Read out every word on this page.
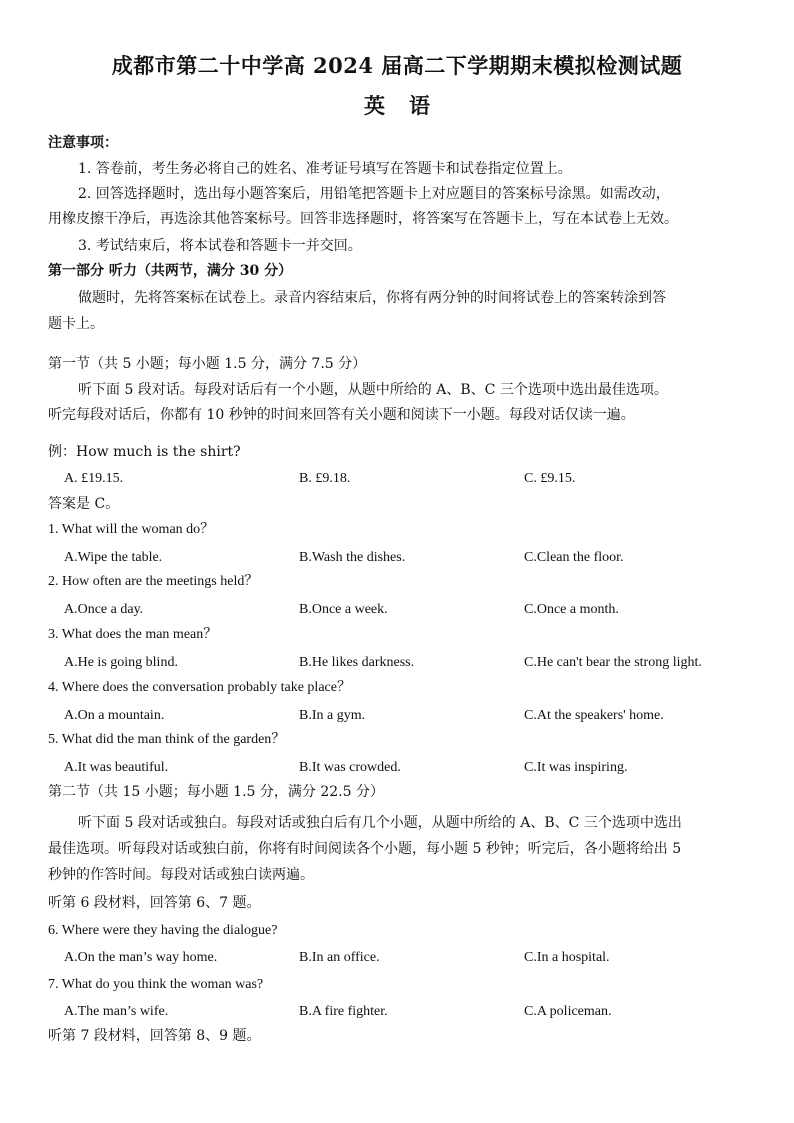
成都市第二十中学高 2024 届高二下学期期末模拟检测试题
英语
注意事项：
1. 答卷前，考生务必将自己的姓名、准考证号填写在答题卡和试卷指定位置上。
2. 回答选择题时，选出每小题答案后，用铅笔把答题卡上对应题目的答案标号涂黑。如需改动，
用橡皮擦干净后，再选涂其他答案标号。回答非选择题时，将答案写在答题卡上，写在本试卷上无效。
3. 考试结束后，将本试卷和答题卡一并交回。
第一部分 听力（共两节，满分 30 分）
做题时，先将答案标在试卷上。录音内容结束后，你将有两分钟的时间将试卷上的答案转涂到答
题卡上。
第一节（共 5 小题；每小题 1.5 分，满分 7.5 分）
听下面 5 段对话。每段对话后有一个小题，从题中所给的 A、B、C 三个选项中选出最佳选项。
听完每段对话后，你都有 10 秒钟的时间来回答有关小题和阅读下一小题。每段对话仅读一遍。
例：How much is the shirt?
A. £19.15.	B. £9.18.	C. £9.15.
答案是 C。
1. What will the woman do？
A.Wipe the table.	B.Wash the dishes.	C.Clean the floor.
2. How often are the meetings held？
A.Once a day.	B.Once a week.	C.Once a month.
3. What does the man mean？
A.He is going blind.	B.He likes darkness.	C.He can't bear the strong light.
4. Where does the conversation probably take place？
A.On a mountain.	B.In a gym.	C.At the speakers' home.
5. What did the man think of the garden？
A.It was beautiful.	B.It was crowded.	C.It was inspiring.
第二节（共 15 小题；每小题 1.5 分，满分 22.5 分）
听下面 5 段对话或独白。每段对话或独白后有几个小题，从题中所给的 A、B、C 三个选项中选出
最佳选项。听每段对话或独白前，你将有时间阅读各个小题，每小题 5 秒钟；听完后，各小题将给出 5
秒钟的作答时间。每段对话或独白读两遍。
听第 6 段材料，回答第 6、7 题。
6. Where were they having the dialogue?
A.On the man’s way home.	B.In an office.	C.In a hospital.
7. What do you think the woman was?
A.The man’s wife.	B.A fire fighter.	C.A policeman.
听第 7 段材料，回答第 8、9 题。
